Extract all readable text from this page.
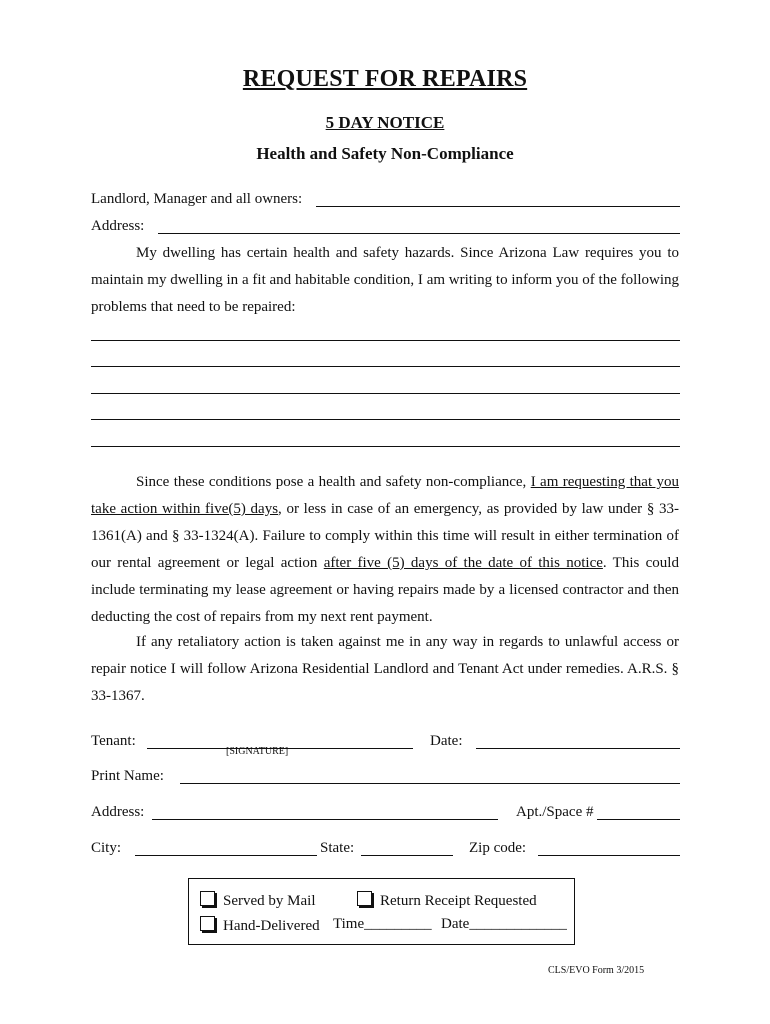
REQUEST FOR REPAIRS
5 DAY NOTICE
Health and Safety Non-Compliance
Landlord, Manager and all owners:
Address:
My dwelling has certain health and safety hazards. Since Arizona Law requires you to maintain my dwelling in a fit and habitable condition, I am writing to inform you of the following problems that need to be repaired:
Since these conditions pose a health and safety non-compliance, I am requesting that you take action within five(5) days, or less in case of an emergency, as provided by law under § 33-1361(A) and § 33-1324(A). Failure to comply within this time will result in either termination of our rental agreement or legal action after five (5) days of the date of this notice. This could include terminating my lease agreement or having repairs made by a licensed contractor and then deducting the cost of repairs from my next rent payment.
If any retaliatory action is taken against me in any way in regards to unlawful access or repair notice I will follow Arizona Residential Landlord and Tenant Act under remedies. A.R.S. § 33-1367.
Tenant:
[SIGNATURE]
Date:
Print Name:
Address:	Apt./Space #
City:	State:	Zip code:
Served by Mail	Return Receipt Requested
Hand-Delivered Time_________ Date_____________
CLS/EVO Form 3/2015
